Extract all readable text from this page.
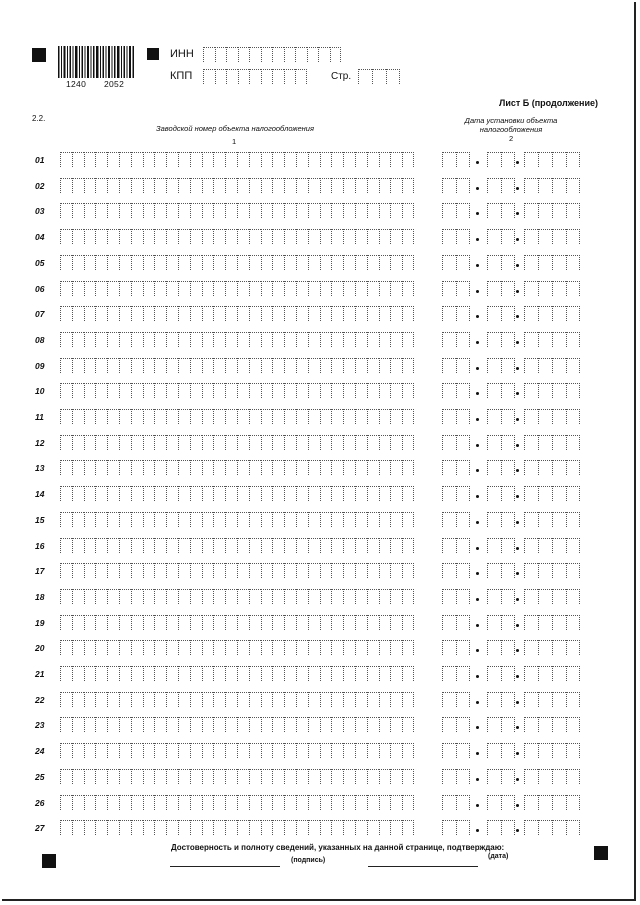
1240 2052
ИНН
КПП	Стр.
Лист Б (продолжение)
2.2.
Заводской номер объекта налогообложения
1
Дата установки объекта
налогообложения
2
01
02
03
04
05
06
07
08
09
10
11
12
13
14
15
16
17
18
19
20
21
22
23
24
25
26
27
Достоверность и полноту сведений, указанных на данной странице, подтверждаю:
(подпись)
(дата)
